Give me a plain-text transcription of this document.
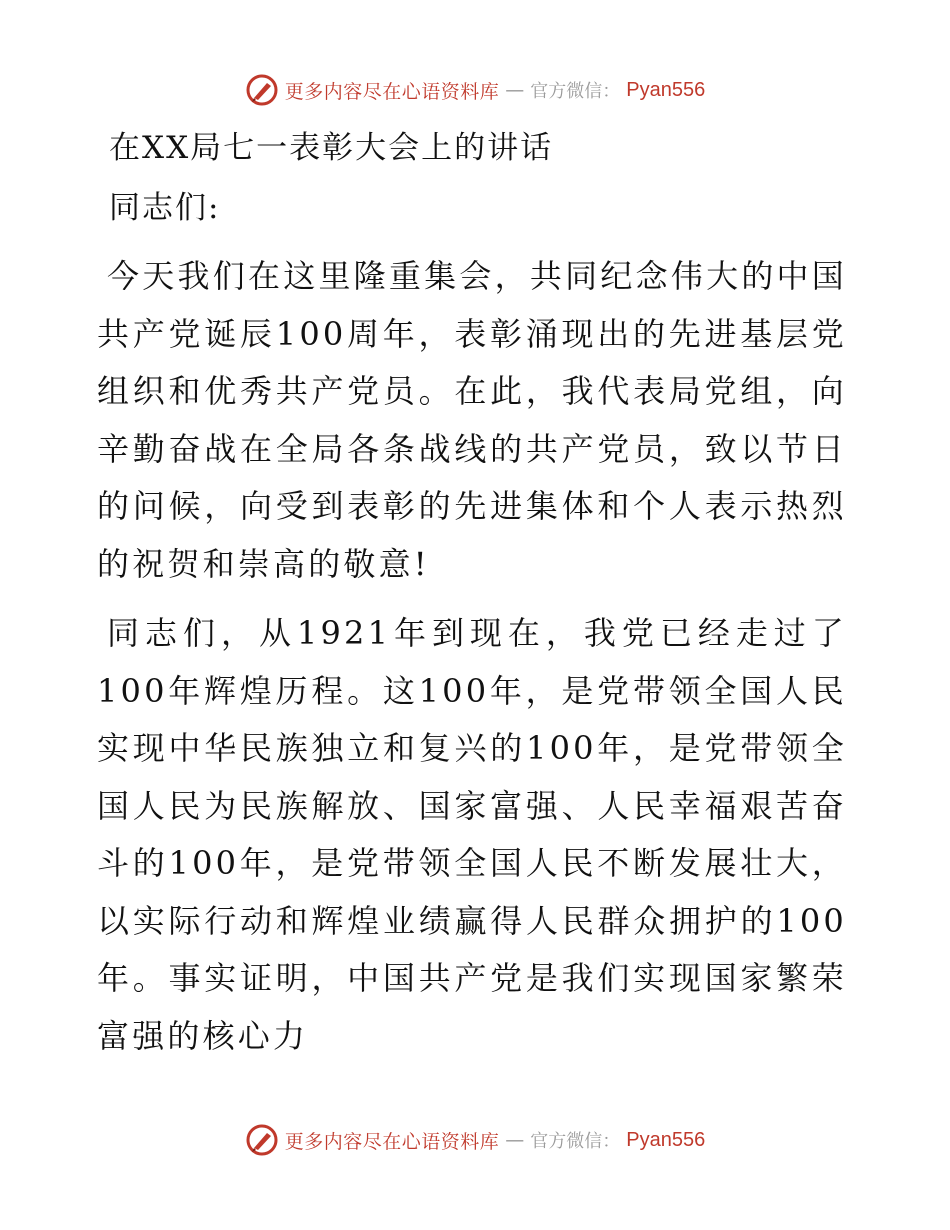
更多内容尽在心语资料库 — 官方微信： Pyan556
在XX局七一表彰大会上的讲话

同志们:

今天我们在这里隆重集会，共同纪念伟大的中国共产党诞辰100周年，表彰涌现出的先进基层党组织和优秀共产党员。在此，我代表局党组，向辛勤奋战在全局各条战线的共产党员，致以节日的问候，向受到表彰的先进集体和个人表示热烈的祝贺和崇高的敬意!

同志们，从1921年到现在，我党已经走过了100年辉煌历程。这100年，是党带领全国人民实现中华民族独立和复兴的100年，是党带领全国人民为民族解放、国家富强、人民幸福艰苦奋斗的100年，是党带领全国人民不断发展壮大，以实际行动和辉煌业绩赢得人民群众拥护的100年。事实证明，中国共产党是我们实现国家繁荣富强的核心力

更多内容尽在心语资料库 — 官方微信： Pyan556
